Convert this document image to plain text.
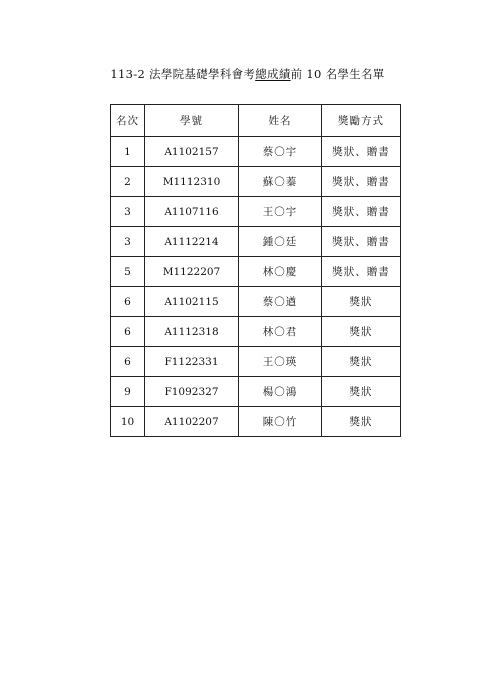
113-2 法學院基礎學科會考總成績前 10 名學生名單
名次	學號	姓名	獎勵方式
1	A1102157	蔡〇宇	獎狀、贈書
2	M1112310	蘇〇蓁	獎狀、贈書
3	A1107116	王〇宇	獎狀、贈書
3	A1112214	鍾〇廷	獎狀、贈書
5	M1122207	林〇慶	獎狀、贈書
6	A1102115	蔡〇遒	獎狀
6	A1112318	林〇君	獎狀
6	F1122331	王〇瑛	獎狀
9	F1092327	楊〇鴻	獎狀
10	A1102207	陳〇竹	獎狀
